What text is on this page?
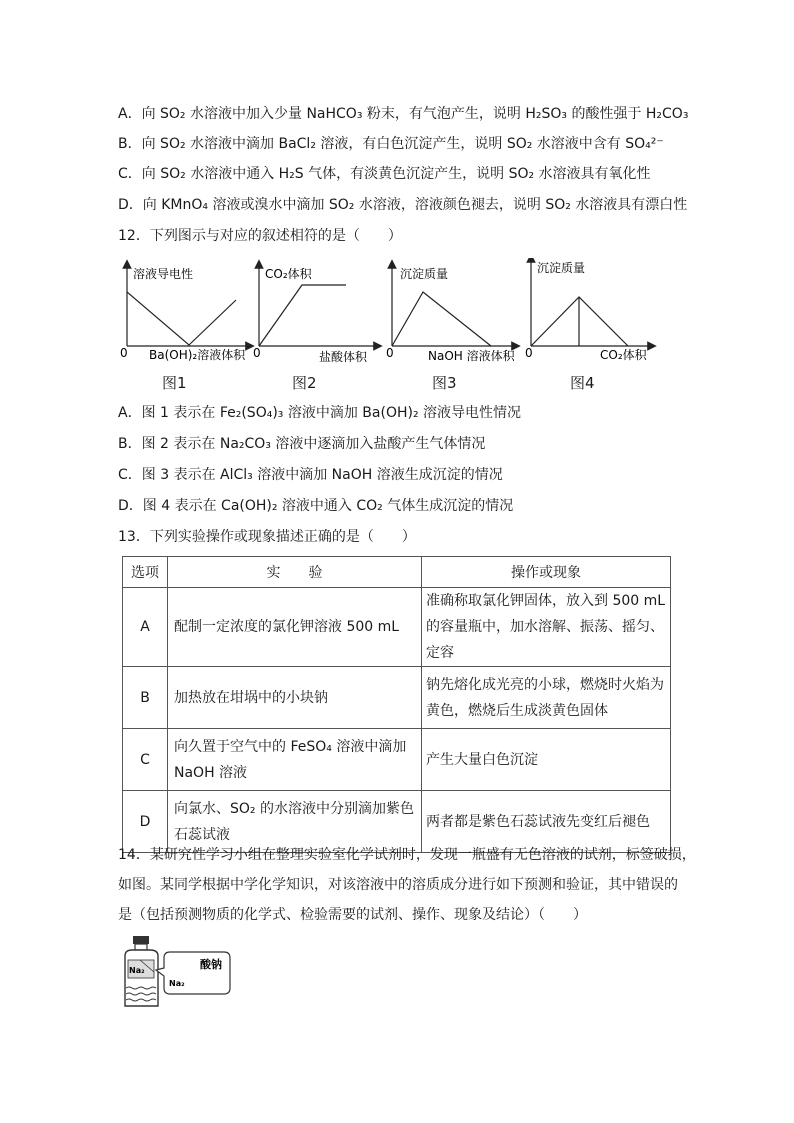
A．向 SO₂ 水溶液中加入少量 NaHCO₃ 粉末，有气泡产生，说明 H₂SO₃ 的酸性强于 H₂CO₃
B．向 SO₂ 水溶液中滴加 BaCl₂ 溶液，有白色沉淀产生，说明 SO₂ 水溶液中含有 SO₄²⁻
C．向 SO₂ 水溶液中通入 H₂S 气体，有淡黄色沉淀产生，说明 SO₂ 水溶液具有氧化性
D．向 KMnO₄ 溶液或溴水中滴加 SO₂ 水溶液，溶液颜色褪去，说明 SO₂ 水溶液具有漂白性
12．下列图示与对应的叙述相符的是（　　）
溶液导电性
0 Ba(OH)₂溶液体积
CO₂体积
0	盐酸体积
沉淀质量
0	NaOH 溶液体积
沉淀质量
0	CO₂体积
图1	图2	图3	图4
A．图 1 表示在 Fe₂(SO₄)₃ 溶液中滴加 Ba(OH)₂ 溶液导电性情况
B．图 2 表示在 Na₂CO₃ 溶液中逐滴加入盐酸产生气体情况
C．图 3 表示在 AlCl₃ 溶液中滴加 NaOH 溶液生成沉淀的情况
D．图 4 表示在 Ca(OH)₂ 溶液中通入 CO₂ 气体生成沉淀的情况
13．下列实验操作或现象描述正确的是（　　）
选项	实　　验	操作或现象
A	配制一定浓度的氯化钾溶液 500 mL	准确称取氯化钾固体，放入到 500 mL 的容量瓶中，加水溶解、振荡、摇匀、定容
B	加热放在坩埚中的小块钠	钠先熔化成光亮的小球，燃烧时火焰为黄色，燃烧后生成淡黄色固体
C	向久置于空气中的 FeSO₄ 溶液中滴加 NaOH 溶液	产生大量白色沉淀
D	向氯水、SO₂ 的水溶液中分别滴加紫色石蕊试液	两者都是紫色石蕊试液先变红后褪色
14．某研究性学习小组在整理实验室化学试剂时，发现一瓶盛有无色溶液的试剂，标签破损，
如图。某同学根据中学化学知识，对该溶液中的溶质成分进行如下预测和验证，其中错误的
是（包括预测物质的化学式、检验需要的试剂、操作、现象及结论）（　　）
Na₂	酸钠
Na₂
